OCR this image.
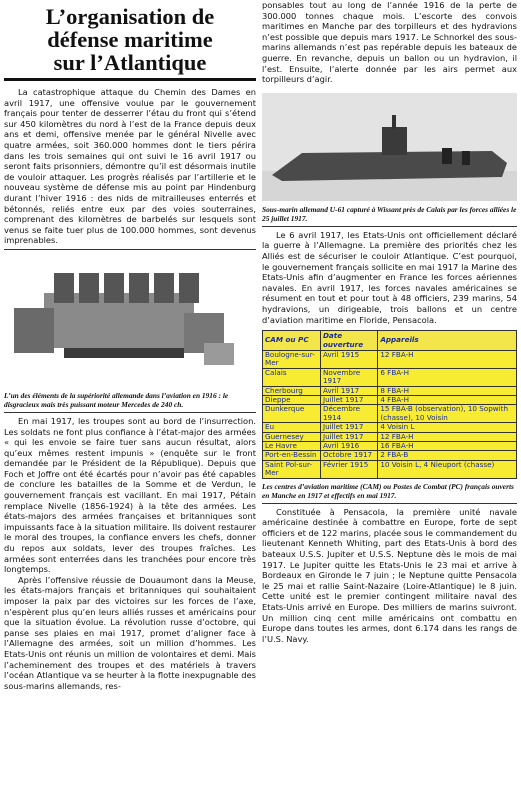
L’organisation de
défense maritime
sur l’Atlantique

La catastrophique attaque du Chemin des Dames en avril 1917, une offensive voulue par le gouvernement français pour tenter de desserrer l’étau du front qui s’étend sur 450 kilomètres du nord à l’est de la France depuis deux ans et demi, offensive menée par le général Nivelle avec quatre armées, soit 360.000 hommes dont le tiers périra dans les trois semaines qui ont suivi le 16 avril 1917 ou seront faits prisonniers, démontre qu’il est désormais inutile de vouloir attaquer. Les progrès réalisés par l’artillerie et le nouveau système de défense mis au point par Hindenburg durant l’hiver 1916 : des nids de mitrailleuses enterrés et bétonnés, reliés entre eux par des voies souterraines, comprenant des kilomètres de barbelés sur lesquels sont venus se faite tuer plus de 100.000 hommes, sont devenus imprenables.

L’un des éléments de la supériorité allemande dans l’aviation en 1916 : le disgracieux mais très puissant moteur Mercedes de 240 ch.

En mai 1917, les troupes sont au bord de l’insurrection. Les soldats ne font plus confiance à l’état-major des armées « qui les envoie se faire tuer sans aucun résultat, alors qu’eux mêmes restent impunis » (enquête sur le front demandée par le Président de la République). Depuis que Foch et Joffre ont été écartés pour n’avoir pas été capables de conclure les batailles de la Somme et de Verdun, le gouvernement français est vacillant. En mai 1917, Pétain remplace Nivelle (1856-1924) à la tête des armées. Les états-majors des armées françaises et britanniques sont impuissants face à la situation militaire. Ils doivent restaurer le moral des troupes, la confiance envers les chefs, donner du repos aux soldats, lever des troupes fraîches. Les armées sont enterrées dans les tranchées pour encore très longtemps.

Après l’offensive réussie de Douaumont dans la Meuse, les états-majors français et britanniques qui souhaitaient imposer la paix par des victoires sur les forces de l’axe, n’espèrent plus qu’en leurs alliés russes et américains pour que la situation évolue. La révolution russe d’octobre, qui panse ses plaies en mai 1917, promet d’aligner face à l’Allemagne des armées, soit un million d’hommes. Les Etats-Unis ont réunis un million de volontaires et demi. Mais l’acheminement des troupes et des matériels à travers l’océan Atlantique va se heurter à la flotte inexpugnable des sous-marins allemands, res-

ponsables tout au long de l’année 1916 de la perte de 300.000 tonnes chaque mois. L’escorte des convois maritimes en Manche par des torpilleurs et des hydravions n’est possible que depuis mars 1917. Le Schnorkel des sous-marins allemands n’est pas repérable depuis les bateaux de guerre. En revanche, depuis un ballon ou un hydravion, il l’est. Ensuite, l’alerte donnée par les airs permet aux torpilleurs d’agir.

Sous-marin allemand U-61 capturé à Wissant près de Calais par les forces alliées le 25 juillet 1917.

Le 6 avril 1917, les Etats-Unis ont officiellement déclaré la guerre à l’Allemagne. La première des priorités chez les Alliés est de sécuriser le couloir Atlantique. C’est pourquoi, le gouvernement français sollicite en mai 1917 la Marine des Etats-Unis afin d’augmenter en France les forces aériennes navales. En avril 1917, les forces navales américaines se résument en tout et pour tout à 48 officiers, 239 marins, 54 hydravions, un dirigeable, trois ballons et un centre d’aviation maritime en Floride, Pensacola.

CAM ou PC	Date ouverture	Appareils
Boulogne-sur-Mer	Avril 1915	12 FBA-H
Calais	Novembre 1917	6 FBA-H
Cherbourg	Avril 1917	8 FBA-H
Dieppe	Juillet 1917	4 FBA-H
Dunkerque	Décembre 1914	15 FBA-B (observation), 10 Sopwith (chasse), 10 Voisin
Eu	Juillet 1917	4 Voisin L
Guernesey	Juillet 1917	12 FBA-H
Le Havre	Avril 1916	16 FBA-H
Port-en-Bessin	Octobre 1917	2 FBA-B
Saint Pol-sur-Mer	Février 1915	10 Voisin L, 4 Nieuport (chasse)

Les centres d’aviation maritime (CAM) ou Postes de Combat (PC) français ouverts en Manche en 1917 et effectifs en mai 1917.

Constituée à Pensacola, la première unité navale américaine destinée à combattre en Europe, forte de sept officiers et de 122 marins, placée sous le commandement du lieutenant Kenneth Whiting, part des Etats-Unis à bord des bateaux U.S.S. Jupiter et U.S.S. Neptune dès le mois de mai 1917. Le Jupiter quitte les Etats-Unis le 23 mai et arrive à Bordeaux en Gironde le 7 juin ; le Neptune quitte Pensacola le 25 mai et rallie Saint-Nazaire (Loire-Atlantique) le 8 juin. Cette unité est le premier contingent militaire naval des Etats-Unis arrivé en Europe. Des milliers de marins suivront. Un million cinq cent mille américains ont combattu en Europe dans toutes les armes, dont 6.174 dans les rangs de l’U.S. Navy.
